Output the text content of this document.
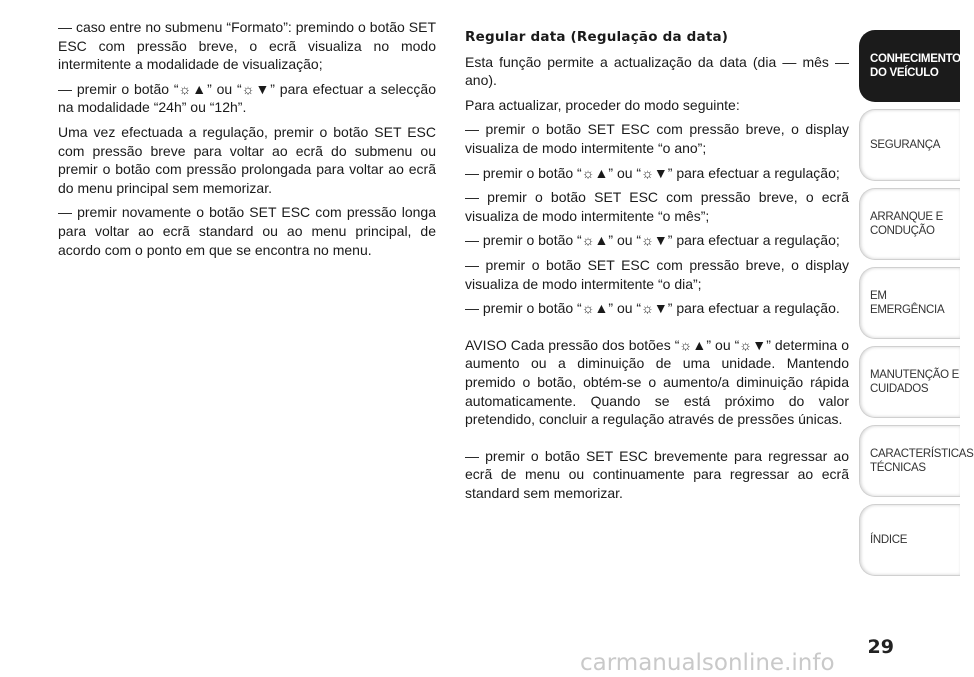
— caso entre no submenu “Formato”: premindo o botão SET ESC com pressão breve, o ecrã visualiza no modo intermitente a modalidade de visualização;

— premir o botão “☼▲” ou “☼▼” para efectuar a selecção na modalidade “24h” ou “12h”.

Uma vez efectuada a regulação, premir o botão SET ESC com pressão breve para voltar ao ecrã do submenu ou premir o botão com pressão prolongada para voltar ao ecrã do menu principal sem memorizar.

— premir novamente o botão SET ESC com pressão longa para voltar ao ecrã standard ou ao menu principal, de acordo com o ponto em que se encontra no menu.

Regular data (Regulação da data)

Esta função permite a actualização da data (dia — mês — ano).

Para actualizar, proceder do modo seguinte:

— premir o botão SET ESC com pressão breve, o display visualiza de modo intermitente “o ano”;

— premir o botão “☼▲” ou “☼▼” para efectuar a regulação;

— premir o botão SET ESC com pressão breve, o ecrã visualiza de modo intermitente “o mês”;

— premir o botão “☼▲” ou “☼▼” para efectuar a regulação;

— premir o botão SET ESC com pressão breve, o display visualiza de modo intermitente “o dia”;

— premir o botão “☼▲” ou “☼▼” para efectuar a regulação.

AVISO Cada pressão dos botões “☼▲” ou “☼▼” determina o aumento ou a diminuição de uma unidade. Mantendo premido o botão, obtém-se o aumento/a diminuição rápida automaticamente. Quando se está próximo do valor pretendido, concluir a regulação através de pressões únicas.

— premir o botão SET ESC brevemente para regressar ao ecrã de menu ou continuamente para regressar ao ecrã standard sem memorizar.

CONHECIMENTO DO VEÍCULO
SEGURANÇA
ARRANQUE E CONDUÇÃO
EM EMERGÊNCIA
MANUTENÇÃO E CUIDADOS
CARACTERÍSTICAS TÉCNICAS
ÍNDICE
29
carmanualsonline.info
